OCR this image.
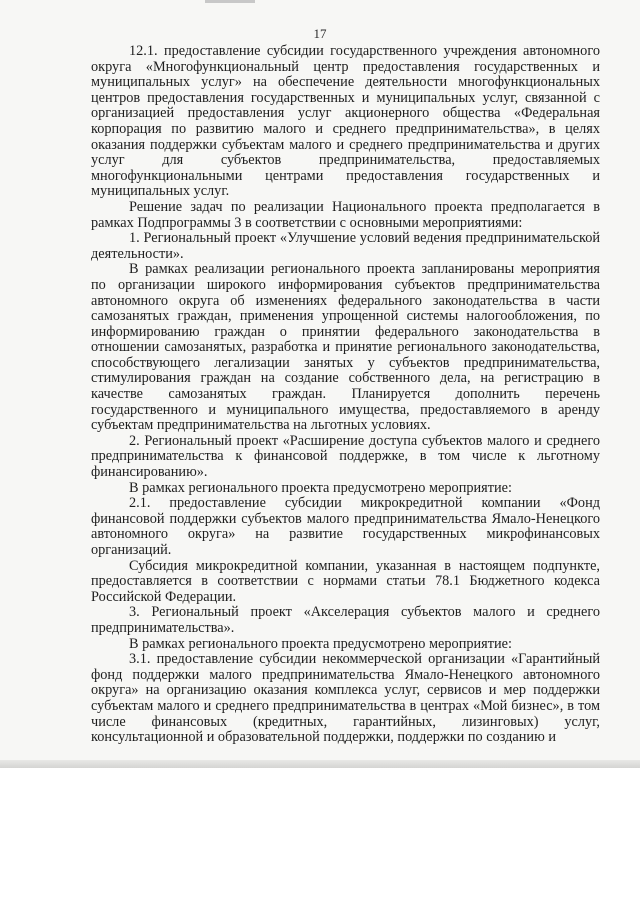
17

12.1. предоставление субсидии государственного учреждения автономного округа «Многофункциональный центр предоставления государственных и муниципальных услуг» на обеспечение деятельности многофункциональных центров предоставления государственных и муниципальных услуг, связанной с организацией предоставления услуг акционерного общества «Федеральная корпорация по развитию малого и среднего предпринимательства», в целях оказания поддержки субъектам малого и среднего предпринимательства и других услуг для субъектов предпринимательства, предоставляемых многофункциональными центрами предоставления государственных и муниципальных услуг.

Решение задач по реализации Национального проекта предполагается в рамках Подпрограммы 3 в соответствии с основными мероприятиями:

1. Региональный проект «Улучшение условий ведения предпринимательской деятельности».

В рамках реализации регионального проекта запланированы мероприятия по организации широкого информирования субъектов предпринимательства автономного округа об изменениях федерального законодательства в части самозанятых граждан, применения упрощенной системы налогообложения, по информированию граждан о принятии федерального законодательства в отношении самозанятых, разработка и принятие регионального законодательства, способствующего легализации занятых у субъектов предпринимательства, стимулирования граждан на создание собственного дела, на регистрацию в качестве самозанятых граждан. Планируется дополнить перечень государственного и муниципального имущества, предоставляемого в аренду субъектам предпринимательства на льготных условиях.

2. Региональный проект «Расширение доступа субъектов малого и среднего предпринимательства к финансовой поддержке, в том числе к льготному финансированию».

В рамках регионального проекта предусмотрено мероприятие:

2.1. предоставление субсидии микрокредитной компании «Фонд финансовой поддержки субъектов малого предпринимательства Ямало-Ненецкого автономного округа» на развитие государственных микрофинансовых организаций.

Субсидия микрокредитной компании, указанная в настоящем подпункте, предоставляется в соответствии с нормами статьи 78.1 Бюджетного кодекса Российской Федерации.

3. Региональный проект «Акселерация субъектов малого и среднего предпринимательства».

В рамках регионального проекта предусмотрено мероприятие:

3.1. предоставление субсидии некоммерческой организации «Гарантийный фонд поддержки малого предпринимательства Ямало-Ненецкого автономного округа» на организацию оказания комплекса услуг, сервисов и мер поддержки субъектам малого и среднего предпринимательства в центрах «Мой бизнес», в том числе финансовых (кредитных, гарантийных, лизинговых) услуг, консультационной и образовательной поддержки, поддержки по созданию и
